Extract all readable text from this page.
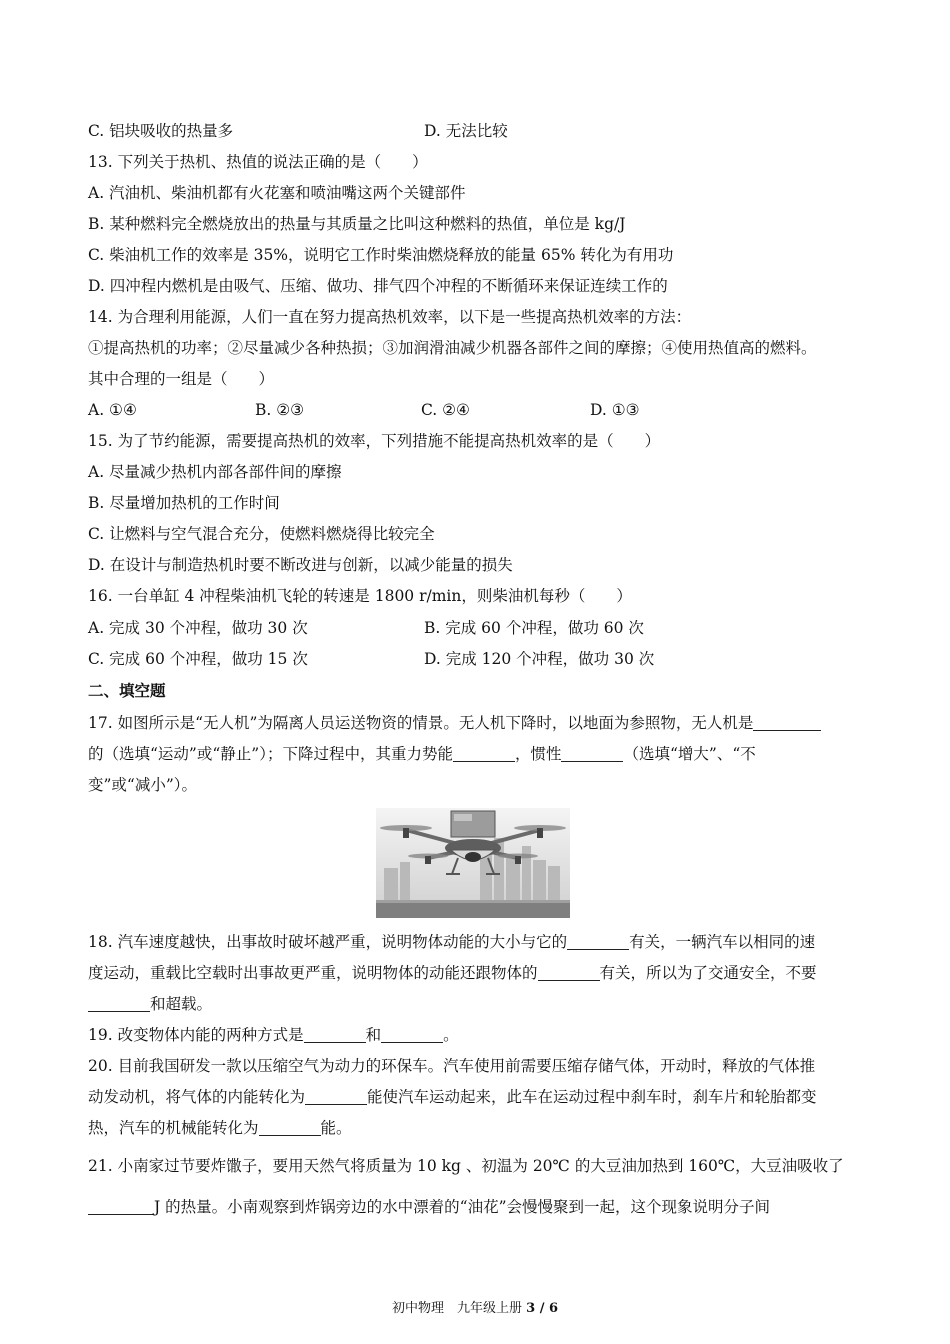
C. 铝块吸收的热量多	D. 无法比较
13. 下列关于热机、热值的说法正确的是（　　）
A. 汽油机、柴油机都有火花塞和喷油嘴这两个关键部件
B. 某种燃料完全燃烧放出的热量与其质量之比叫这种燃料的热值，单位是 kg/J
C. 柴油机工作的效率是 35%，说明它工作时柴油燃烧释放的能量 65% 转化为有用功
D. 四冲程内燃机是由吸气、压缩、做功、排气四个冲程的不断循环来保证连续工作的
14. 为合理利用能源，人们一直在努力提高热机效率，以下是一些提高热机效率的方法：
①提高热机的功率；②尽量减少各种热损；③加润滑油减少机器各部件之间的摩擦；④使用热值高的燃料。
其中合理的一组是（　　）
A. ①④	B. ②③	C. ②④	D. ①③
15. 为了节约能源，需要提高热机的效率，下列措施不能提高热机效率的是（　　）
A. 尽量减少热机内部各部件间的摩擦
B. 尽量增加热机的工作时间
C. 让燃料与空气混合充分，使燃料燃烧得比较完全
D. 在设计与制造热机时要不断改进与创新，以减少能量的损失
16. 一台单缸 4 冲程柴油机飞轮的转速是 1800 r/min，则柴油机每秒（　　）
A. 完成 30 个冲程，做功 30 次	B. 完成 60 个冲程，做功 60 次
C. 完成 60 个冲程，做功 15 次	D. 完成 120 个冲程，做功 30 次
二、填空题
17. 如图所示是“无人机”为隔离人员运送物资的情景。无人机下降时，以地面为参照物，无人机是
的（选填“运动”或“静止”）；下降过程中，其重力势能	，惯性	（选填“增大”、“不
变”或“减小”）。
18. 汽车速度越快，出事故时破坏越严重，说明物体动能的大小与它的	有关，一辆汽车以相同的速
度运动，重载比空载时出事故更严重，说明物体的动能还跟物体的	有关，所以为了交通安全，不要
和超载。
19. 改变物体内能的两种方式是	和	。
20. 目前我国研发一款以压缩空气为动力的环保车。汽车使用前需要压缩存储气体，开动时，释放的气体推
动发动机，将气体的内能转化为	能使汽车运动起来，此车在运动过程中刹车时，刹车片和轮胎都变
热，汽车的机械能转化为	能。
21. 小南家过节要炸馓子，要用天然气将质量为 10 kg 、初温为 20℃ 的大豆油加热到 160℃，大豆油吸收了
J 的热量。小南观察到炸锅旁边的水中漂着的“油花”会慢慢聚到一起，这个现象说明分子间
初中物理　九年级上册 3 / 6
